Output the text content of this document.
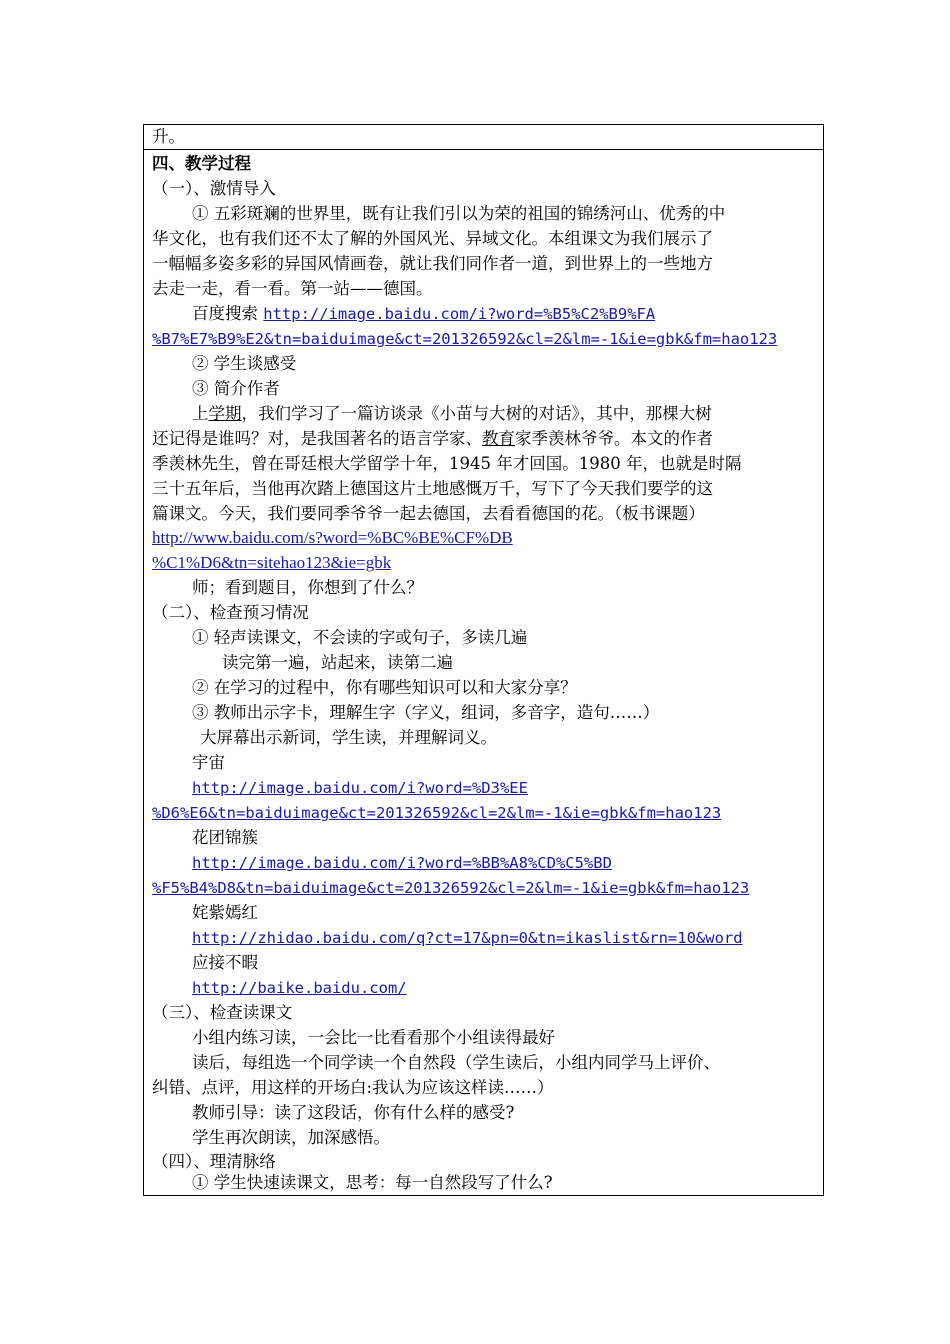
升。
四、教学过程
（一）、激情导入
① 五彩斑斓的世界里，既有让我们引以为荣的祖国的锦绣河山、优秀的中
华文化，也有我们还不太了解的外国风光、异域文化。本组课文为我们展示了
一幅幅多姿多彩的异国风情画卷，就让我们同作者一道，到世界上的一些地方
去走一走，看一看。第一站——德国。
百度搜索 http://image.baidu.com/i?word=%B5%C2%B9%FA
%B7%E7%B9%E2&tn=baiduimage&ct=201326592&cl=2&lm=-1&ie=gbk&fm=hao123
② 学生谈感受
③ 简介作者
上学期，我们学习了一篇访谈录《小苗与大树的对话》，其中，那棵大树
还记得是谁吗？对，是我国著名的语言学家、教育家季羡林爷爷。本文的作者
季羡林先生，曾在哥廷根大学留学十年，1945 年才回国。1980 年，也就是时隔
三十五年后，当他再次踏上德国这片土地感慨万千，写下了今天我们要学的这
篇课文。今天，我们要同季爷爷一起去德国，去看看德国的花。（板书课题）
http://www.baidu.com/s?word=%BC%BE%CF%DB
%C1%D6&tn=sitehao123&ie=gbk
师；看到题目，你想到了什么？
（二）、检查预习情况
① 轻声读课文，不会读的字或句子，多读几遍
读完第一遍，站起来，读第二遍
② 在学习的过程中，你有哪些知识可以和大家分享？
③ 教师出示字卡，理解生字（字义，组词，多音字，造句……）
大屏幕出示新词，学生读，并理解词义。
宇宙
http://image.baidu.com/i?word=%D3%EE
%D6%E6&tn=baiduimage&ct=201326592&cl=2&lm=-1&ie=gbk&fm=hao123
花团锦簇
http://image.baidu.com/i?word=%BB%A8%CD%C5%BD
%F5%B4%D8&tn=baiduimage&ct=201326592&cl=2&lm=-1&ie=gbk&fm=hao123
姹紫嫣红
http://zhidao.baidu.com/q?ct=17&pn=0&tn=ikaslist&rn=10&word
应接不暇
http://baike.baidu.com/
（三）、检查读课文
小组内练习读，一会比一比看看那个小组读得最好
读后，每组选一个同学读一个自然段（学生读后，小组内同学马上评价、
纠错、点评，用这样的开场白:我认为应该这样读……）
教师引导：读了这段话，你有什么样的感受?
学生再次朗读，加深感悟。
（四）、理清脉络
① 学生快速读课文，思考：每一自然段写了什么?
